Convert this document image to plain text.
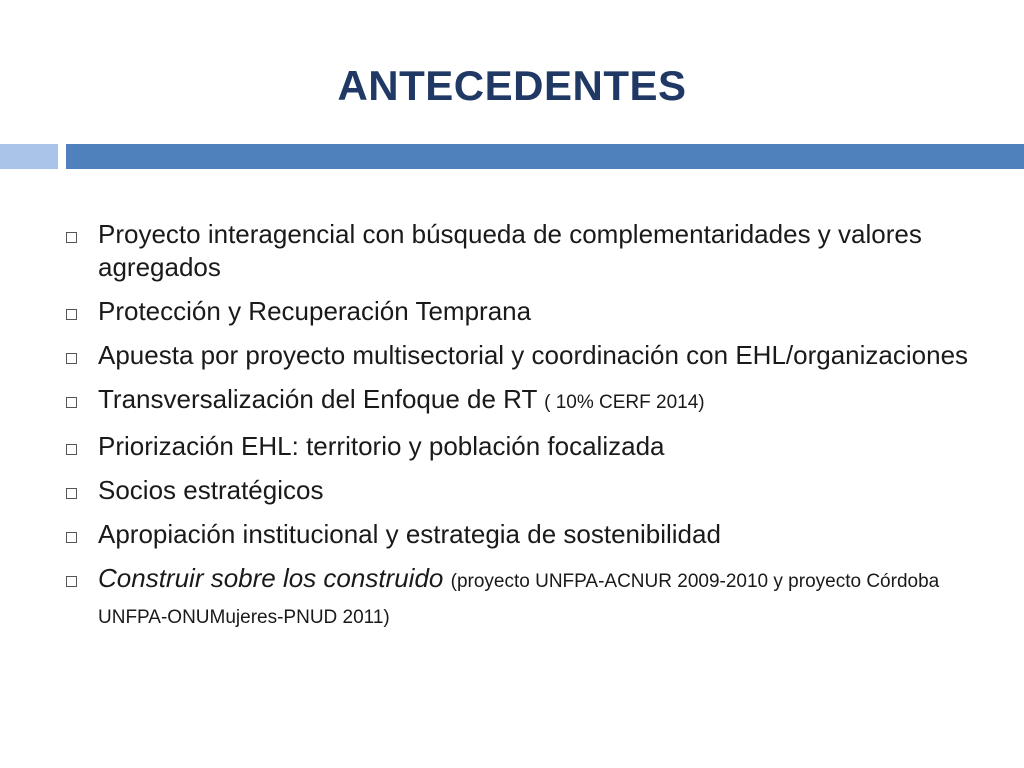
ANTECEDENTES
Proyecto interagencial con búsqueda de complementaridades y valores agregados
Protección y Recuperación Temprana
Apuesta por proyecto multisectorial y coordinación con EHL/organizaciones
Transversalización del Enfoque de RT ( 10% CERF 2014)
Priorización EHL: territorio y población focalizada
Socios estratégicos
Apropiación institucional y estrategia de sostenibilidad
Construir sobre los construido (proyecto UNFPA-ACNUR 2009-2010 y proyecto Córdoba UNFPA-ONUMujeres-PNUD 2011)
